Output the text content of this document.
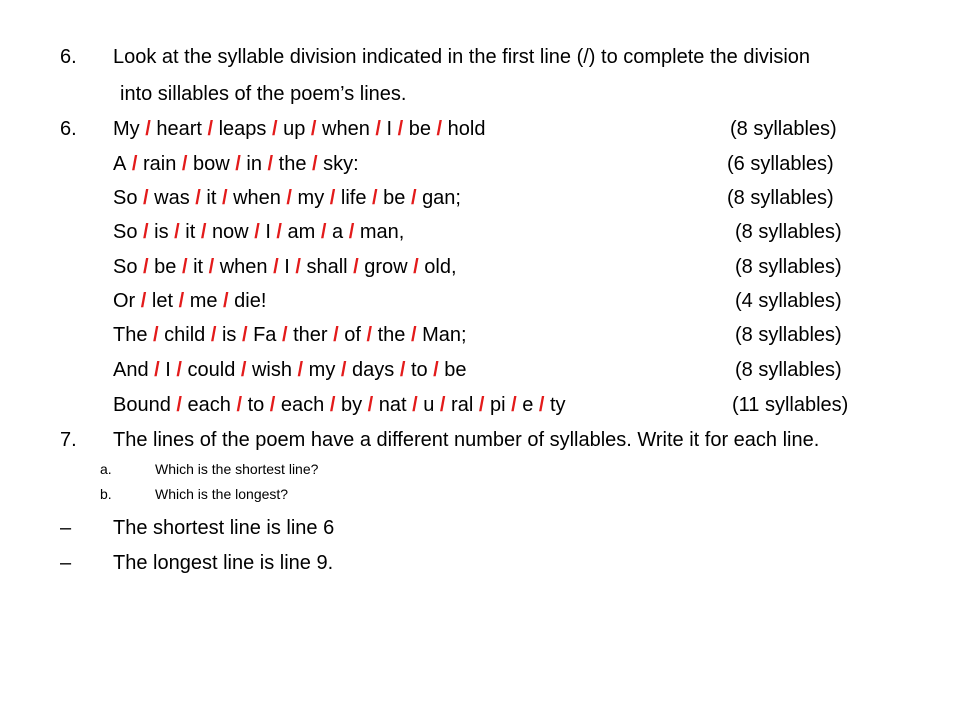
6. Look at the syllable division indicated in the first line (/) to complete the division
into sillables of the poem’s lines.
6. My / heart / leaps / up / when / I / be / hold	(8 syllables)
A / rain / bow / in / the / sky:	(6 syllables)
So / was / it / when / my / life / be / gan;	(8 syllables)
So / is / it / now / I / am / a / man,	(8 syllables)
So / be / it / when / I / shall / grow / old,	(8 syllables)
Or / let / me / die!	(4 syllables)
The / child / is / Fa / ther / of / the / Man;	(8 syllables)
And / I / could / wish / my / days / to / be	(8 syllables)
Bound / each / to / each / by / nat / u / ral / pi / e / ty	(11 syllables)
7. The lines of the poem have a different number of syllables. Write it for each line.
a.	Which is the shortest line?
b.	Which is the longest?
‒ The shortest line is line 6
‒ The longest line is line 9.
